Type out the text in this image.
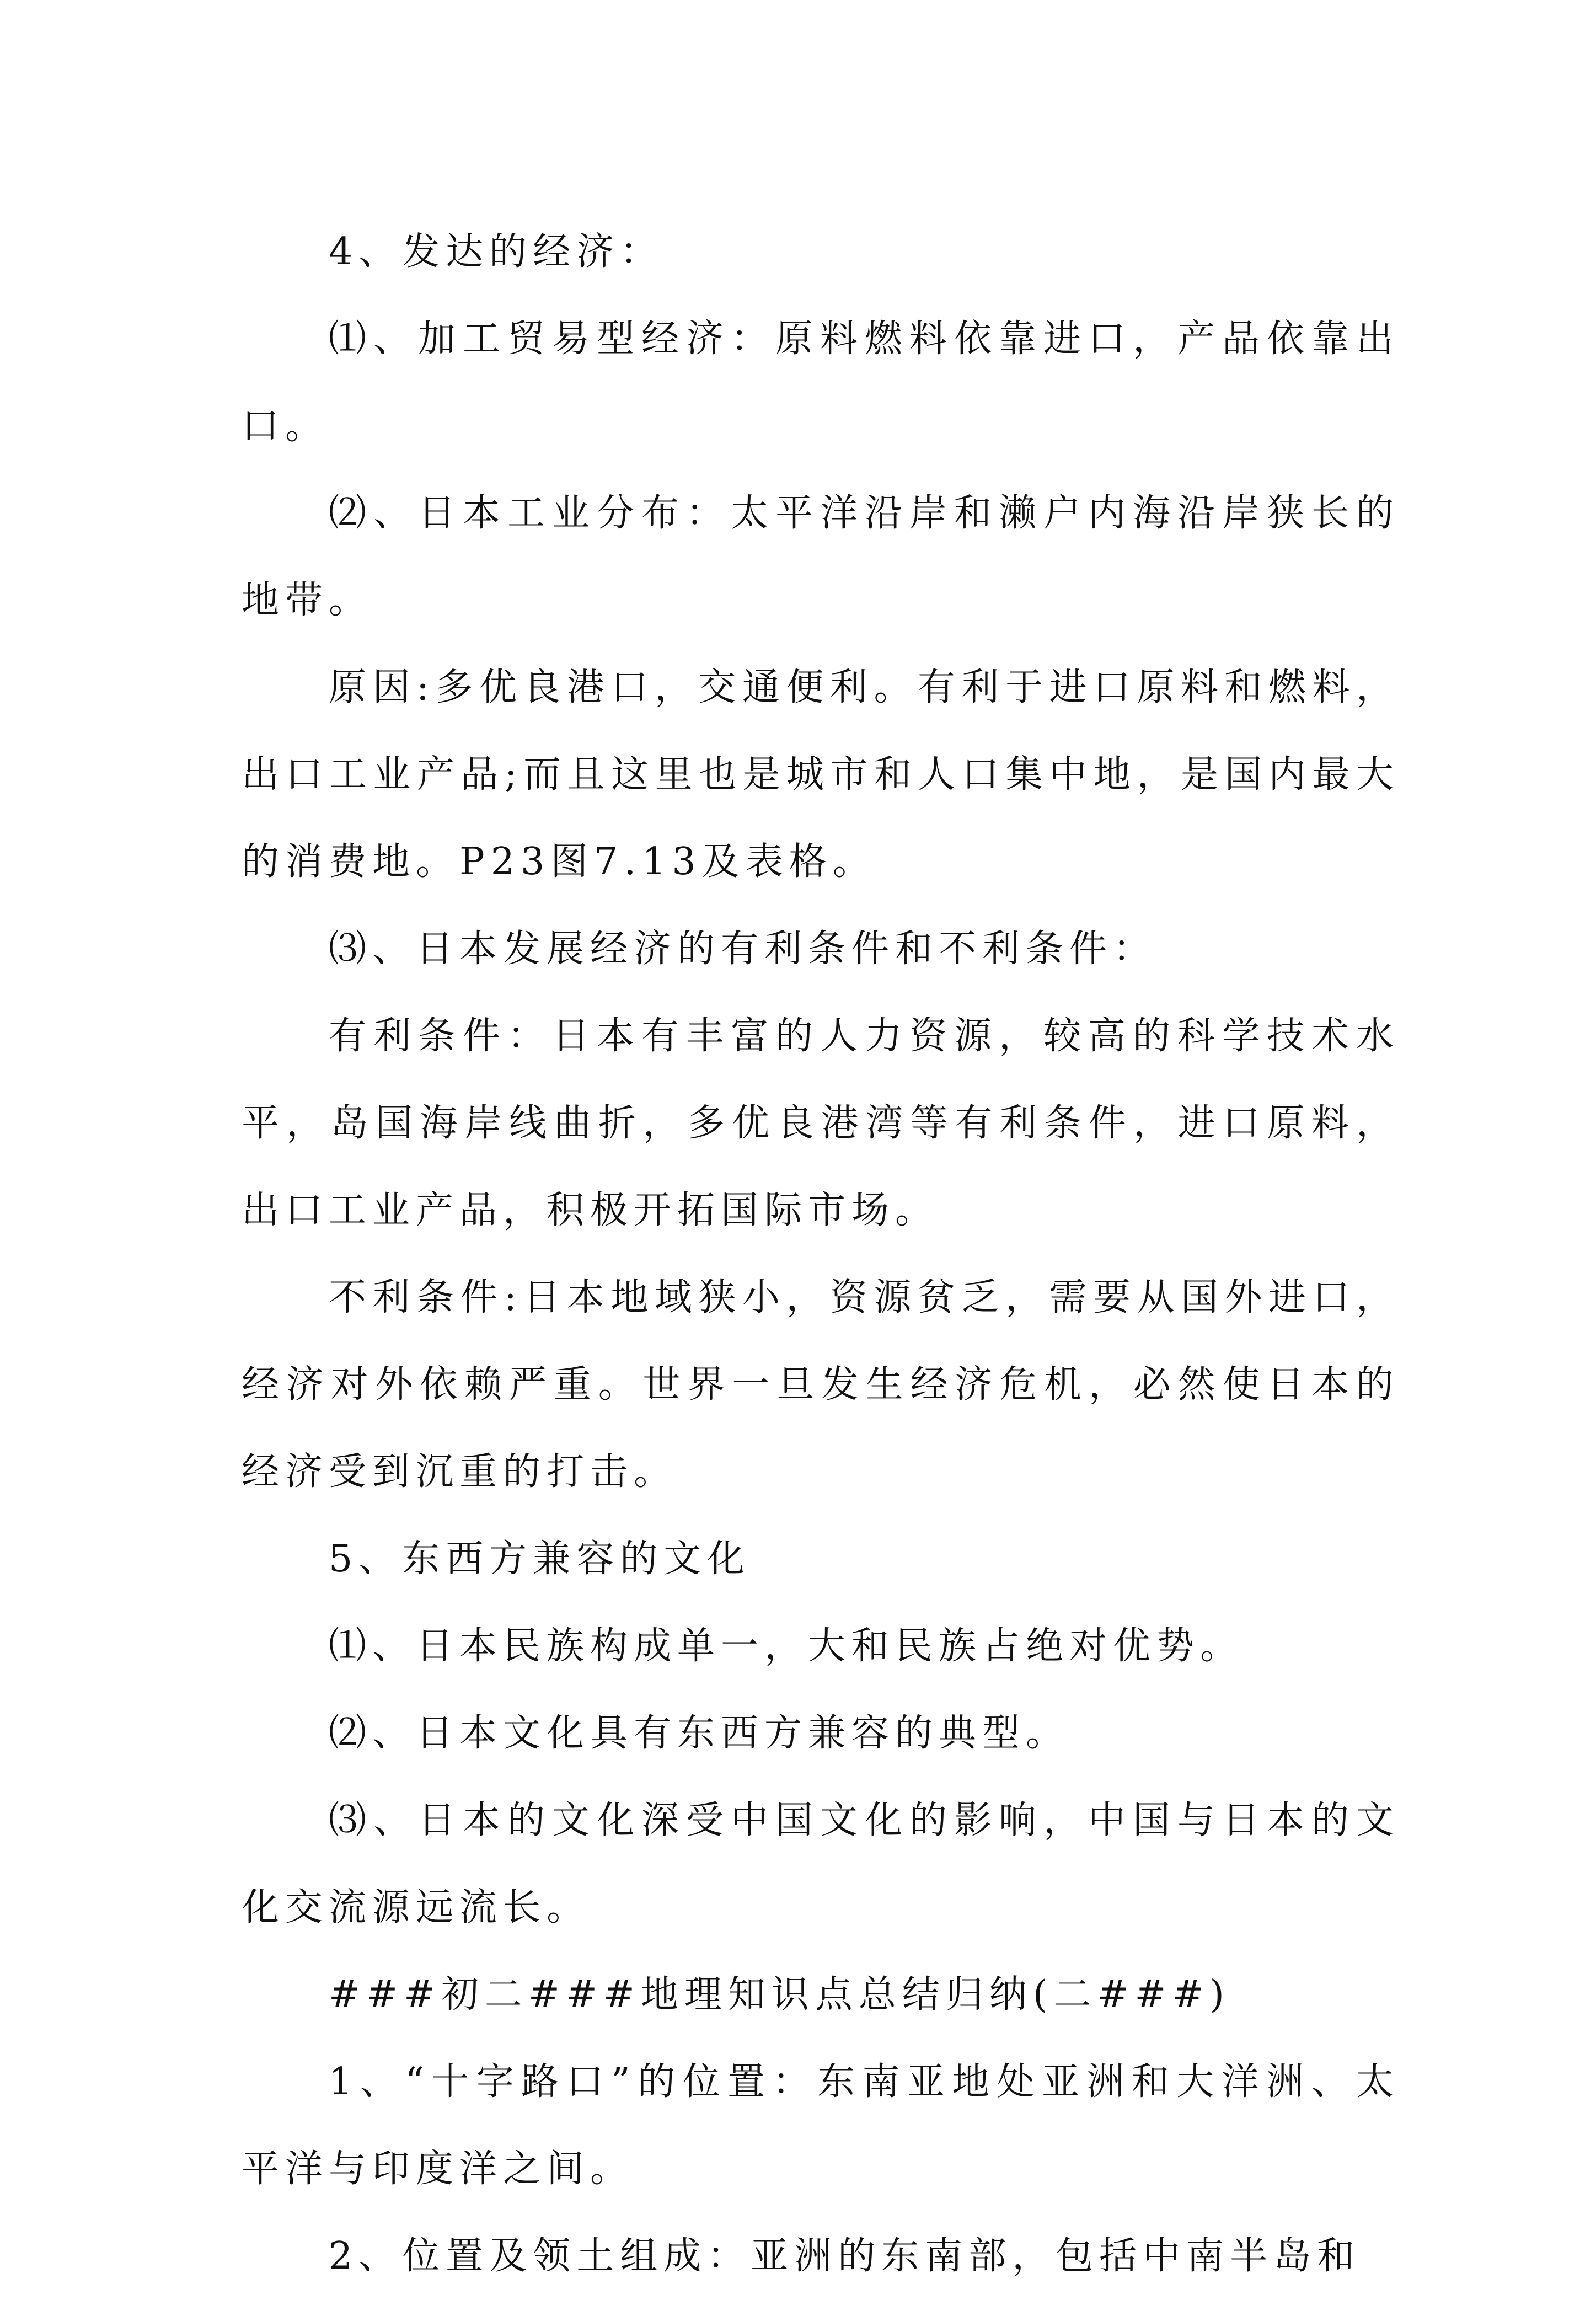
4、发达的经济：

⑴、加工贸易型经济：原料燃料依靠进口，产品依靠出口。

⑵、日本工业分布：太平洋沿岸和濑户内海沿岸狭长的地带。

原因:多优良港口，交通便利。有利于进口原料和燃料，出口工业产品;而且这里也是城市和人口集中地，是国内最大的消费地。P23图7.13及表格。

⑶、日本发展经济的有利条件和不利条件：

有利条件：日本有丰富的人力资源，较高的科学技术水平，岛国海岸线曲折，多优良港湾等有利条件，进口原料，出口工业产品，积极开拓国际市场。

不利条件:日本地域狭小，资源贫乏，需要从国外进口，经济对外依赖严重。世界一旦发生经济危机，必然使日本的经济受到沉重的打击。

5、东西方兼容的文化

⑴、日本民族构成单一，大和民族占绝对优势。

⑵、日本文化具有东西方兼容的典型。

⑶、日本的文化深受中国文化的影响，中国与日本的文化交流源远流长。

###初二###地理知识点总结归纳(二###)

1、“十字路口”的位置：东南亚地处亚洲和大洋洲、太平洋与印度洋之间。

2、位置及领土组成：亚洲的东南部，包括中南半岛和
